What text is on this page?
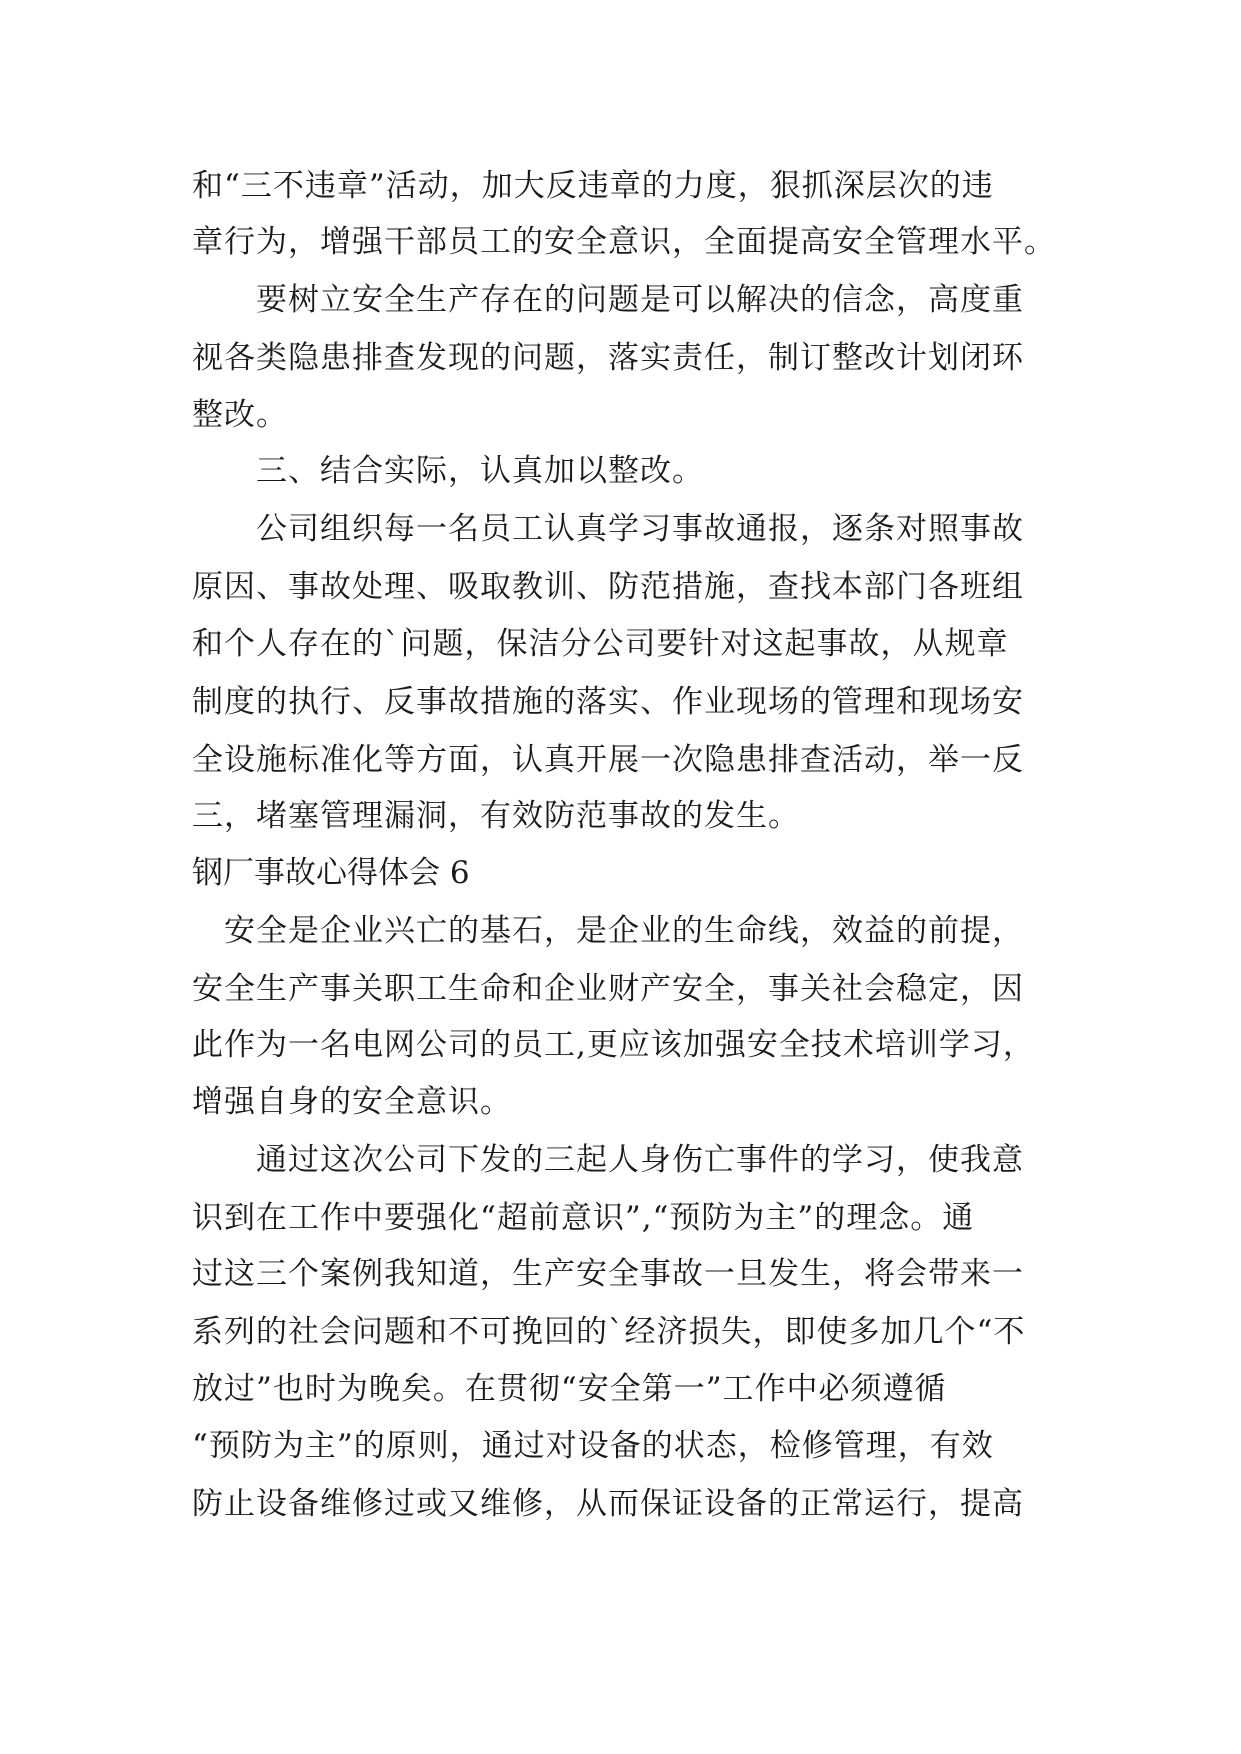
和“三不违章”活动，加大反违章的力度，狠抓深层次的违

章行为，增强干部员工的安全意识，全面提高安全管理水平。

　　要树立安全生产存在的问题是可以解决的信念，高度重

视各类隐患排查发现的问题，落实责任，制订整改计划闭环

整改。

　　三、结合实际，认真加以整改。

　　公司组织每一名员工认真学习事故通报，逐条对照事故

原因、事故处理、吸取教训、防范措施，查找本部门各班组

和个人存在的`问题，保洁分公司要针对这起事故，从规章

制度的执行、反事故措施的落实、作业现场的管理和现场安

全设施标准化等方面，认真开展一次隐患排查活动，举一反

三，堵塞管理漏洞，有效防范事故的发生。

钢厂事故心得体会 6

　安全是企业兴亡的基石，是企业的生命线，效益的前提，

安全生产事关职工生命和企业财产安全，事关社会稳定，因

此作为一名电网公司的员工,更应该加强安全技术培训学习，

增强自身的安全意识。

　　通过这次公司下发的三起人身伤亡事件的学习，使我意

识到在工作中要强化“超前意识”,“预防为主”的理念。通

过这三个案例我知道，生产安全事故一旦发生，将会带来一

系列的社会问题和不可挽回的`经济损失，即使多加几个“不

放过”也时为晚矣。在贯彻“安全第一”工作中必须遵循

“预防为主”的原则，通过对设备的状态，检修管理，有效

防止设备维修过或又维修，从而保证设备的正常运行，提高
